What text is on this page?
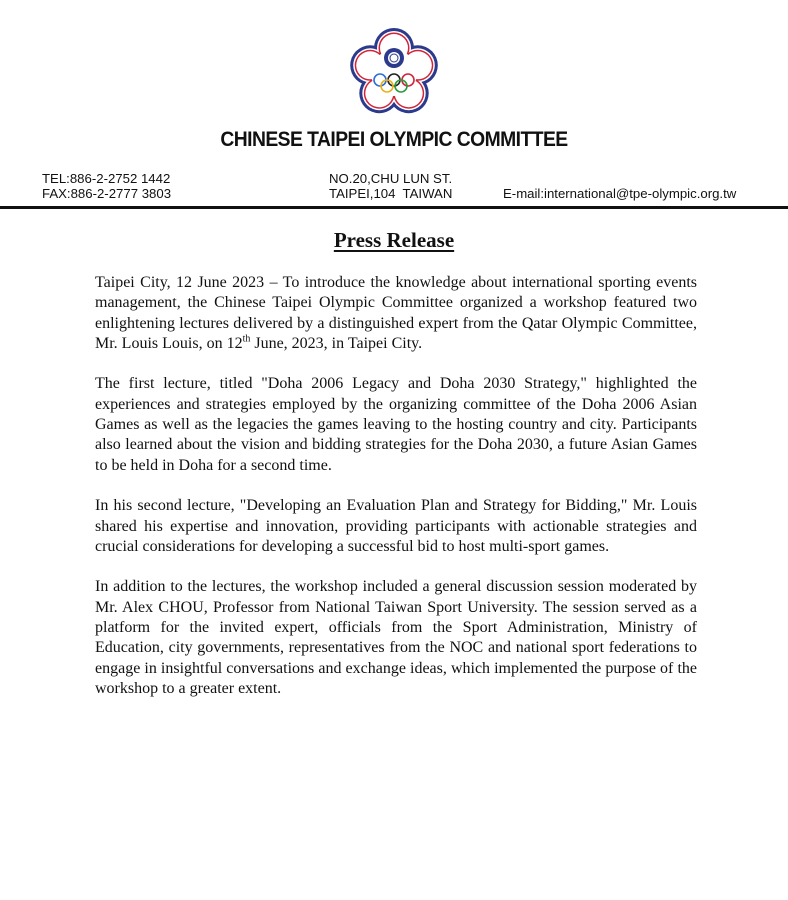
CHINESE TAIPEI OLYMPIC COMMITTEE
TEL:886-2-2752 1442
FAX:886-2-2777 3803
NO.20,CHU LUN ST.
TAIPEI,104  TAIWAN	E-mail:international@tpe-olympic.org.tw
Press Release

Taipei City, 12 June 2023 – To introduce the knowledge about international sporting events management, the Chinese Taipei Olympic Committee organized a workshop featured two enlightening lectures delivered by a distinguished expert from the Qatar Olympic Committee, Mr. Louis Louis, on 12th June, 2023, in Taipei City.

The first lecture, titled "Doha 2006 Legacy and Doha 2030 Strategy," highlighted the experiences and strategies employed by the organizing committee of the Doha 2006 Asian Games as well as the legacies the games leaving to the hosting country and city. Participants also learned about the vision and bidding strategies for the Doha 2030, a future Asian Games to be held in Doha for a second time.

In his second lecture, "Developing an Evaluation Plan and Strategy for Bidding," Mr. Louis shared his expertise and innovation, providing participants with actionable strategies and crucial considerations for developing a successful bid to host multi-sport games.

In addition to the lectures, the workshop included a general discussion session moderated by Mr. Alex CHOU, Professor from National Taiwan Sport University. The session served as a platform for the invited expert, officials from the Sport Administration, Ministry of Education, city governments, representatives from the NOC and national sport federations to engage in insightful conversations and exchange ideas, which implemented the purpose of the workshop to a greater extent.
